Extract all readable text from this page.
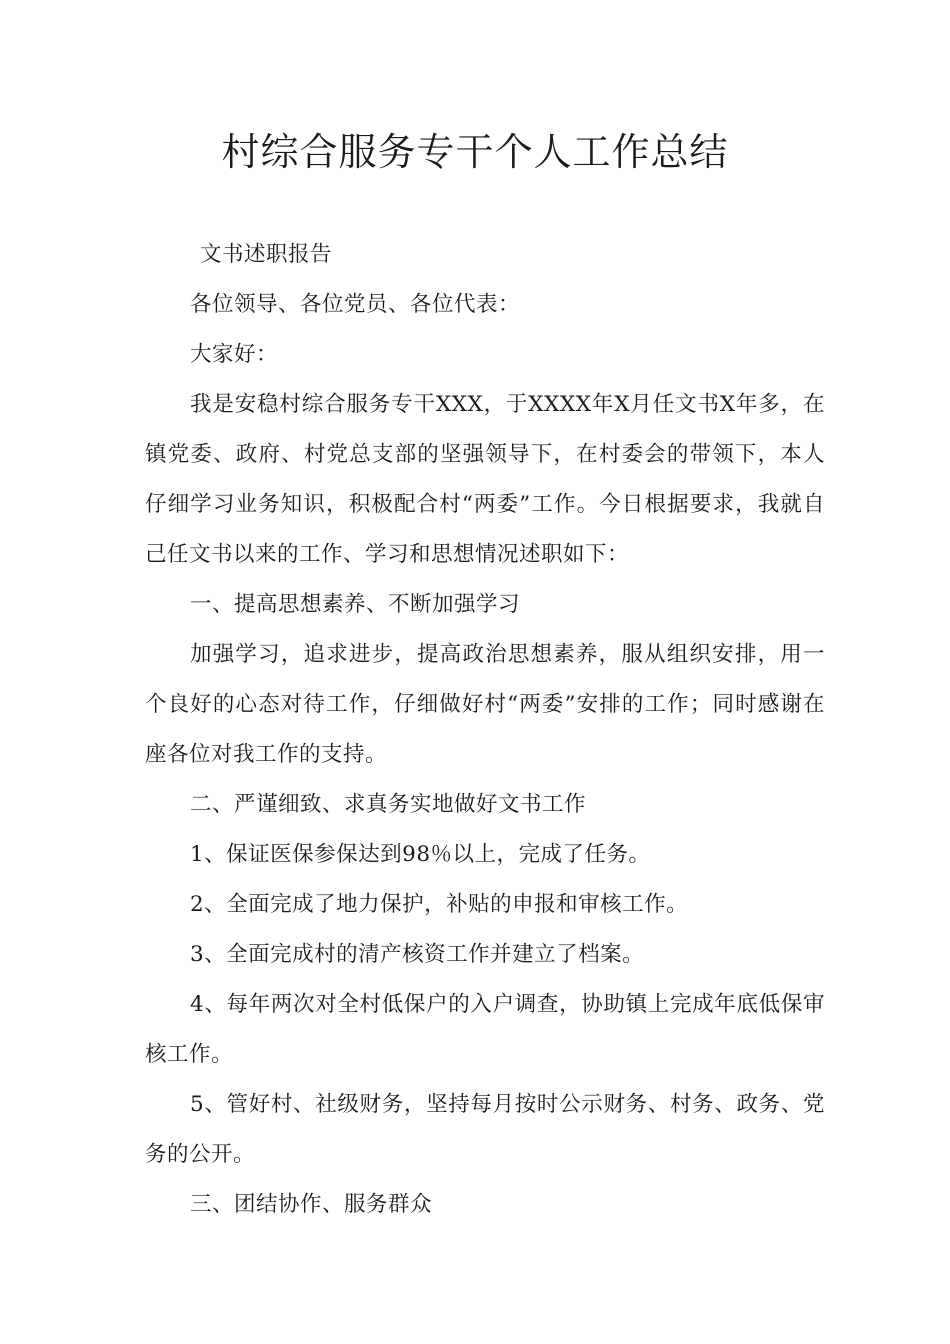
村综合服务专干个人工作总结

文书述职报告

各位领导、各位党员、各位代表：

大家好：

我是安稳村综合服务专干XXX，于XXXX年X月任文书X年多，在镇党委、政府、村党总支部的坚强领导下，在村委会的带领下，本人仔细学习业务知识，积极配合村“两委”工作。今日根据要求，我就自己任文书以来的工作、学习和思想情况述职如下：

一、提高思想素养、不断加强学习

加强学习，追求进步，提高政治思想素养，服从组织安排，用一个良好的心态对待工作，仔细做好村“两委”安排的工作；同时感谢在座各位对我工作的支持。

二、严谨细致、求真务实地做好文书工作

1、保证医保参保达到98％以上，完成了任务。

2、全面完成了地力保护，补贴的申报和审核工作。

3、全面完成村的清产核资工作并建立了档案。

4、每年两次对全村低保户的入户调查，协助镇上完成年底低保审核工作。

5、管好村、社级财务，坚持每月按时公示财务、村务、政务、党务的公开。

三、团结协作、服务群众
